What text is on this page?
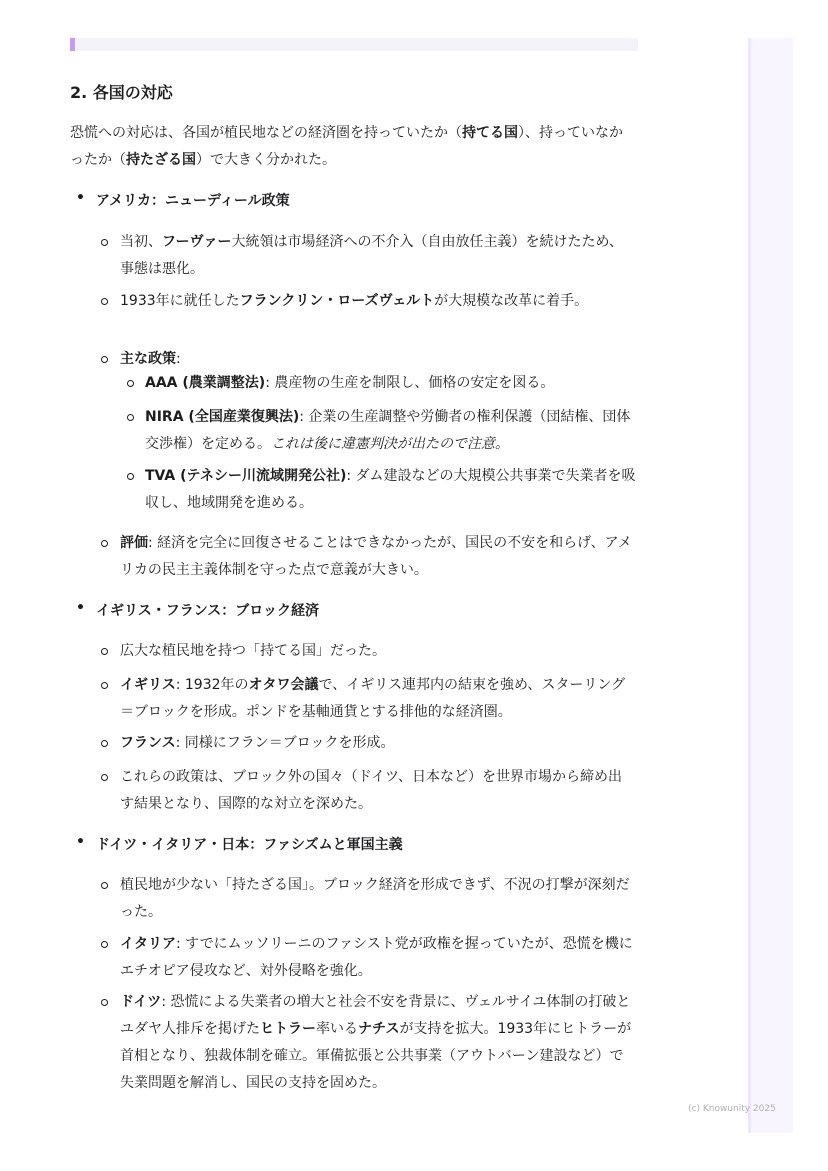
2. 各国の対応
恐慌への対応は、各国が植民地などの経済圏を持っていたか（持てる国）、持っていなかったか（持たざる国）で大きく分かれた。
• アメリカ：ニューディール政策
当初、フーヴァー大統領は市場経済への不介入（自由放任主義）を続けたため、事態は悪化。
1933年に就任したフランクリン・ローズヴェルトが大規模な改革に着手。
主な政策:
AAA (農業調整法): 農産物の生産を制限し、価格の安定を図る。
NIRA (全国産業復興法): 企業の生産調整や労働者の権利保護（団結権、団体交渉権）を定める。これは後に違憲判決が出たので注意。
TVA (テネシー川流域開発公社): ダム建設などの大規模公共事業で失業者を吸収し、地域開発を進める。
評価: 経済を完全に回復させることはできなかったが、国民の不安を和らげ、アメリカの民主主義体制を守った点で意義が大きい。
• イギリス・フランス：ブロック経済
広大な植民地を持つ「持てる国」だった。
イギリス: 1932年のオタワ会議で、イギリス連邦内の結束を強め、スターリング＝ブロックを形成。ポンドを基軸通貨とする排他的な経済圏。
フランス: 同様にフラン＝ブロックを形成。
これらの政策は、ブロック外の国々（ドイツ、日本など）を世界市場から締め出す結果となり、国際的な対立を深めた。
• ドイツ・イタリア・日本：ファシズムと軍国主義
植民地が少ない「持たざる国」。ブロック経済を形成できず、不況の打撃が深刻だった。
イタリア: すでにムッソリーニのファシスト党が政権を握っていたが、恐慌を機にエチオピア侵攻など、対外侵略を強化。
ドイツ: 恐慌による失業者の増大と社会不安を背景に、ヴェルサイユ体制の打破とユダヤ人排斥を掲げたヒトラー率いるナチスが支持を拡大。1933年にヒトラーが首相となり、独裁体制を確立。軍備拡張と公共事業（アウトバーン建設など）で失業問題を解消し、国民の支持を固めた。
(c) Knowunity 2025
